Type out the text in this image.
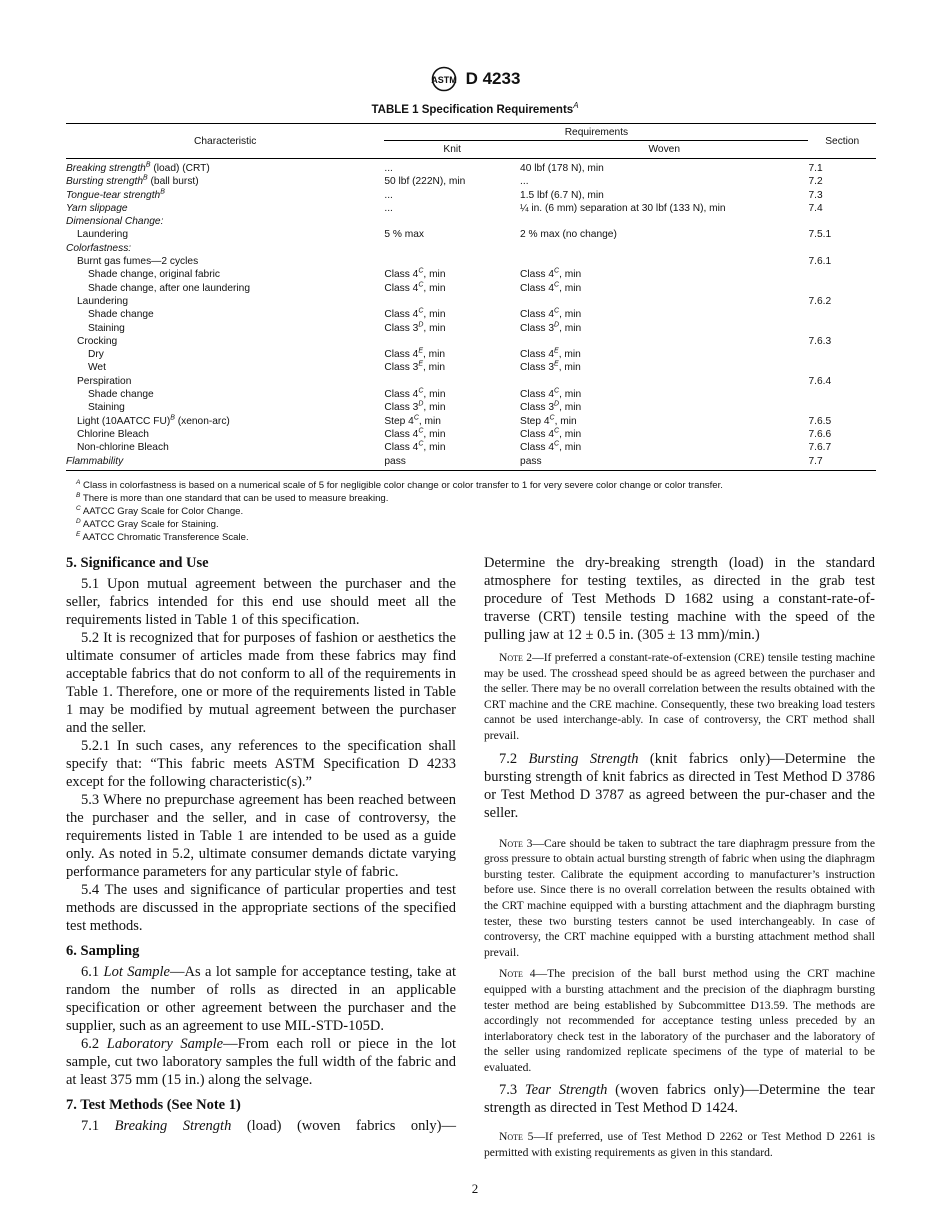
ASTM D 4233
TABLE 1 Specification Requirements$^A$
Characteristic	Requirements		Section
	Knit	Woven	

Breaking strength$^B$ (load) (CRT)	...	40 lbf (178 N), min	7.1
Bursting strength$^B$ (ball burst)	50 lbf (222N), min	...	7.2
Tongue-tear strength$^B$	...	1.5 lbf (6.7 N), min	7.3
Yarn slippage	...	¼ in. (6 mm) separation at 30 lbf (133 N), min	7.4
Dimensional Change:			
Laundering	5 % max	2 % max (no change)	7.5.1
Colorfastness:			
Burnt gas fumes—2 cycles			7.6.1
Shade change, original fabric	Class $4^C$, min	Class $4^C$, min	
Shade change, after one laundering	Class $4^C$, min	Class $4^C$, min	
Laundering			7.6.2
Shade change	Class $4^C$, min	Class $4^C$, min	
Staining	Class $3^D$, min	Class $3^D$, min	
Crocking			7.6.3
Dry	Class $4^E$, min	Class $4^E$, min	
Wet	Class $3^E$, min	Class $3^E$, min	
Perspiration			7.6.4
Shade change	Class $4^C$, min	Class $4^C$, min	
Staining	Class $3^D$, min	Class $3^D$, min	
Light (10AATCC FU)$^B$ (xenon-arc)	Step $4^C$, min	Step $4^C$, min	7.6.5
Chlorine Bleach	Class $4^C$, min	Class $4^C$, min	7.6.6
Non-chlorine Bleach	Class $4^C$, min	Class $4^C$, min	7.6.7
Flammability	pass	pass	7.7
$^A$ Class in colorfastness is based on a numerical scale of 5 for negligible color change or color transfer to 1 for very severe color change or color transfer.
$^B$ There is more than one standard that can be used to measure breaking.
$^C$ AATCC Gray Scale for Color Change.
$^D$ AATCC Gray Scale for Staining.
$^E$ AATCC Chromatic Transference Scale.
5. Significance and Use

5.1 Upon mutual agreement between the purchaser and the seller, fabrics intended for this end use should meet all the requirements listed in Table 1 of this specification.

5.2 It is recognized that for purposes of fashion or aesthetics the ultimate consumer of articles made from these fabrics may find acceptable fabrics that do not conform to all of the requirements in Table 1. Therefore, one or more of the requirements listed in Table 1 may be modified by mutual agreement between the purchaser and the seller.

5.2.1 In such cases, any references to the specification shall specify that: “This fabric meets ASTM Specification D 4233 except for the following characteristic(s).”

5.3 Where no prepurchase agreement has been reached between the purchaser and the seller, and in case of controversy, the requirements listed in Table 1 are intended to be used as a guide only. As noted in 5.2, ultimate consumer demands dictate varying performance parameters for any particular style of fabric.

5.4 The uses and significance of particular properties and test methods are discussed in the appropriate sections of the specified test methods.

6. Sampling

6.1 Lot Sample—As a lot sample for acceptance testing, take at random the number of rolls as directed in an applicable specification or other agreement between the purchaser and the supplier, such as an agreement to use MIL-STD-105D.

6.2 Laboratory Sample—From each roll or piece in the lot sample, cut two laboratory samples the full width of the fabric and at least 375 mm (15 in.) along the selvage.

7. Test Methods (See Note 1)

7.1 Breaking Strength (load) (woven fabrics only)—

Determine the dry-breaking strength (load) in the standard atmosphere for testing textiles, as directed in the grab test procedure of Test Methods D 1682 using a constant-rate-of-traverse (CRT) tensile testing machine with the speed of the pulling jaw at 12 ± 0.5 in. (305 ± 13 mm)/min.)

Note 2—If preferred a constant-rate-of-extension (CRE) tensile testing machine may be used. The crosshead speed should be as agreed between the purchaser and the seller. There may be no overall correlation between the results obtained with the CRT machine and the CRE machine. Consequently, these two breaking load testers cannot be used interchange-ably. In case of controversy, the CRT method shall prevail.

7.2 Bursting Strength (knit fabrics only)—Determine the bursting strength of knit fabrics as directed in Test Method D 3786 or Test Method D 3787 as agreed between the pur-chaser and the seller.

Note 3—Care should be taken to subtract the tare diaphragm pressure from the gross pressure to obtain actual bursting strength of fabric when using the diaphragm bursting tester. Calibrate the equipment according to manufacturer’s instruction before use. Since there is no overall correlation between the results obtained with the CRT machine equipped with a bursting attachment and the diaphragm bursting tester, these two bursting testers cannot be used interchangeably. In case of controversy, the CRT machine equipped with a bursting attachment method shall prevail.
Note 4—The precision of the ball burst method using the CRT machine equipped with a bursting attachment and the precision of the diaphragm bursting tester method are being established by Subcommittee D13.59. The methods are accordingly not recommended for acceptance testing unless preceded by an interlaboratory check test in the laboratory of the purchaser and the laboratory of the seller using randomized replicate specimens of the type of material to be evaluated.

7.3 Tear Strength (woven fabrics only)—Determine the tear strength as directed in Test Method D 1424.

Note 5—If preferred, use of Test Method D 2262 or Test Method D 2261 is permitted with existing requirements as given in this standard.
2
